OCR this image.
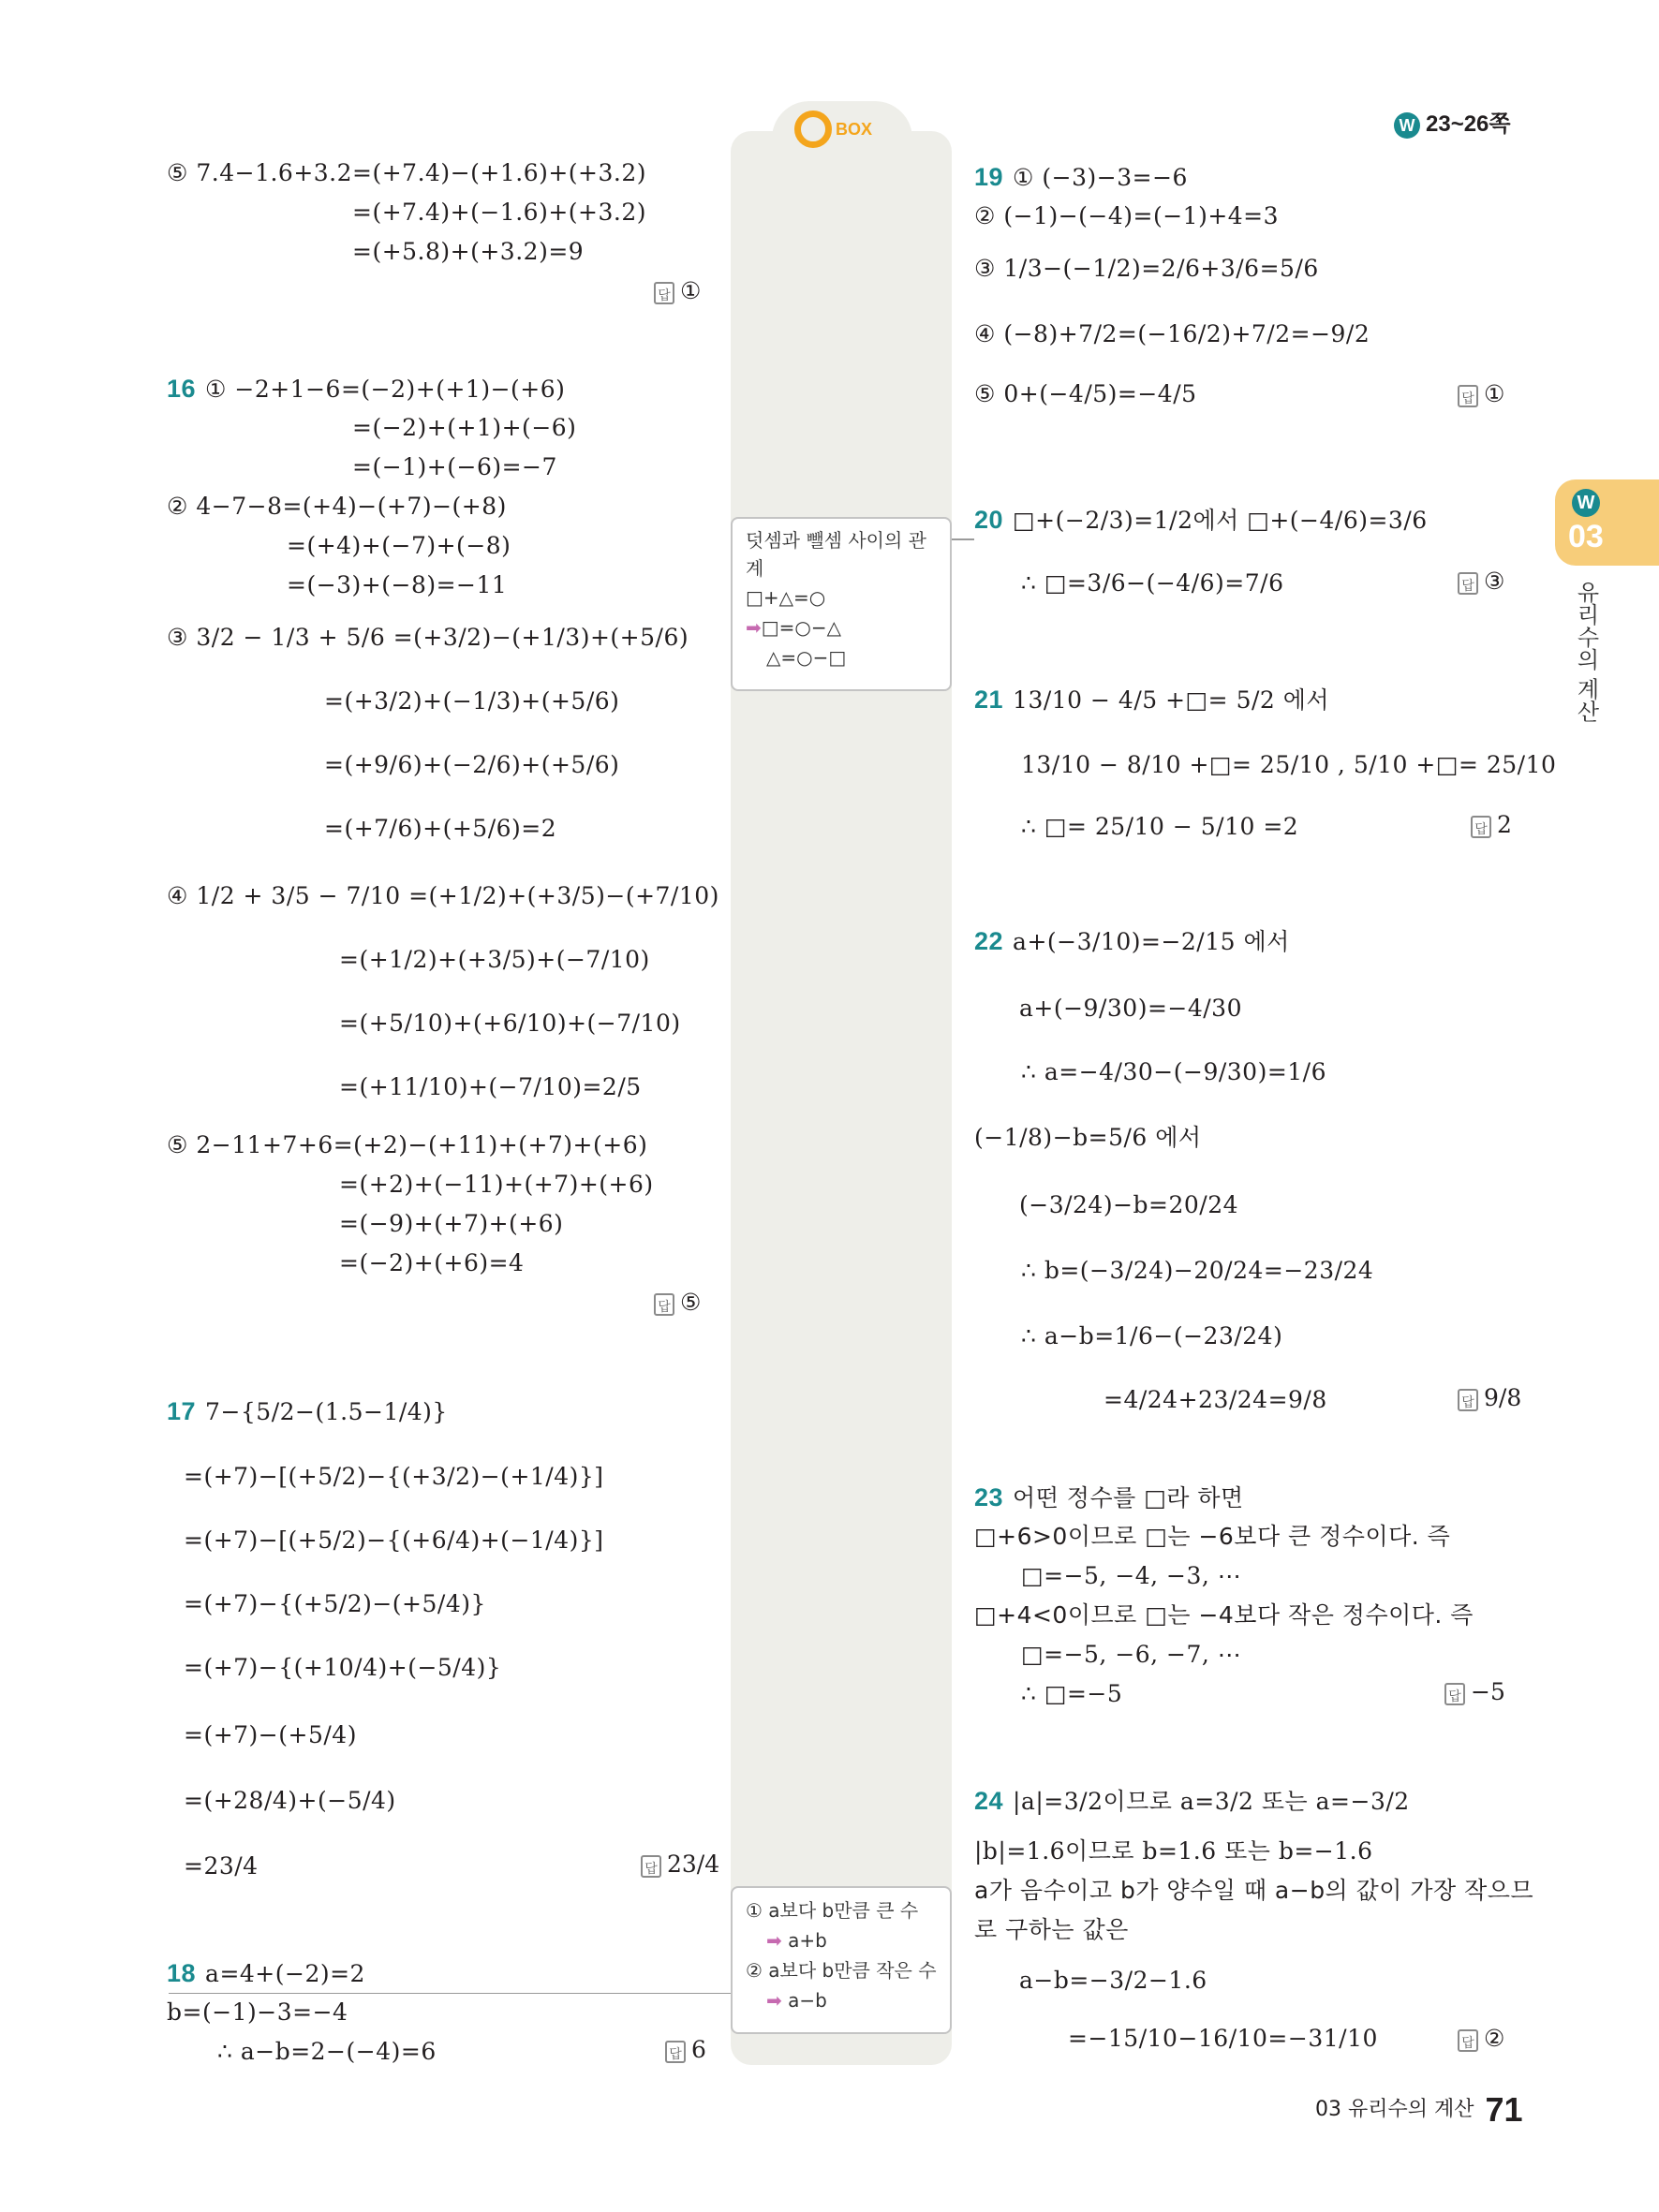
W 23~26쪽
BOX
덧셈과 뺄셈 사이의 관계
□+△=○
➡□=○−△
△=○−□
① a보다 b만큼 큰 수
➡ a+b
② a보다 b만큼 작은 수
➡ a−b
W
03
유리수의 계산
⑤ 7.4−1.6+3.2=(+7.4)−(+1.6)+(+3.2)
=(+7.4)+(−1.6)+(+3.2)
=(+5.8)+(+3.2)=9
답 ①
16 ① −2+1−6=(−2)+(+1)−(+6)
=(−2)+(+1)+(−6)
=(−1)+(−6)=−7
② 4−7−8=(+4)−(+7)−(+8)
=(+4)+(−7)+(−8)
=(−3)+(−8)=−11
③ 3/2 − 1/3 + 5/6 =(+3/2)−(+1/3)+(+5/6)
=(+3/2)+(−1/3)+(+5/6)
=(+9/6)+(−2/6)+(+5/6)
=(+7/6)+(+5/6)=2
④ 1/2 + 3/5 − 7/10 =(+1/2)+(+3/5)−(+7/10)
=(+1/2)+(+3/5)+(−7/10)
=(+5/10)+(+6/10)+(−7/10)
=(+11/10)+(−7/10)=2/5
⑤ 2−11+7+6=(+2)−(+11)+(+7)+(+6)
=(+2)+(−11)+(+7)+(+6)
=(−9)+(+7)+(+6)
=(−2)+(+6)=4
답 ⑤
17 7−{5/2−(1.5−1/4)}
=(+7)−[(+5/2)−{(+3/2)−(+1/4)}]
=(+7)−[(+5/2)−{(+6/4)+(−1/4)}]
=(+7)−{(+5/2)−(+5/4)}
=(+7)−{(+10/4)+(−5/4)}
=(+7)−(+5/4)
=(+28/4)+(−5/4)
=23/4	답 23/4
18 a=4+(−2)=2
b=(−1)−3=−4
∴ a−b=2−(−4)=6	답 6
19 ① (−3)−3=−6
② (−1)−(−4)=(−1)+4=3
③ 1/3−(−1/2)=2/6+3/6=5/6
④ (−8)+7/2=(−16/2)+7/2=−9/2
⑤ 0+(−4/5)=−4/5	답 ①
20 □+(−2/3)=1/2에서 □+(−4/6)=3/6
∴ □=3/6−(−4/6)=7/6	답 ③
21 13/10 − 4/5 +□= 5/2 에서
13/10 − 8/10 +□= 25/10 , 5/10 +□= 25/10
∴ □= 25/10 − 5/10 =2	답 2
22 a+(−3/10)=−2/15 에서
a+(−9/30)=−4/30
∴ a=−4/30−(−9/30)=1/6
(−1/8)−b=5/6 에서
(−3/24)−b=20/24
∴ b=(−3/24)−20/24=−23/24
∴ a−b=1/6−(−23/24)
=4/24+23/24=9/8	답 9/8
23 어떤 정수를 □라 하면
□+6>0이므로 □는 −6보다 큰 정수이다. 즉
□=−5, −4, −3, ⋯
□+4<0이므로 □는 −4보다 작은 정수이다. 즉
□=−5, −6, −7, ⋯
∴ □=−5	답 −5
24 |a|=3/2이므로 a=3/2 또는 a=−3/2
|b|=1.6이므로 b=1.6 또는 b=−1.6
a가 음수이고 b가 양수일 때 a−b의 값이 가장 작으므
로 구하는 값은
a−b=−3/2−1.6
=−15/10−16/10=−31/10	답 ②
03 유리수의 계산 71
